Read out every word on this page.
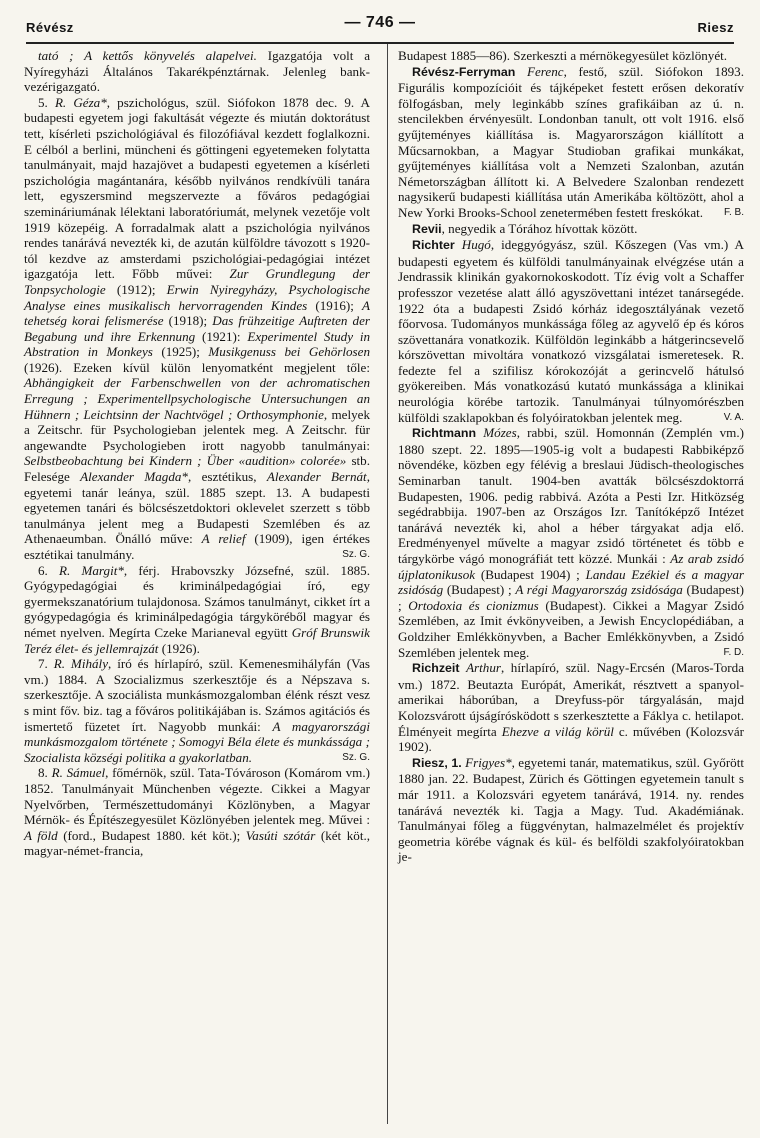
Révész	— 746 —	Riesz

tató ; A kettős könyvelés alapelvei. Igazgatója volt a Nyíregyházi Általános Takarékpénztárnak. Jelenleg bank-vezérigazgató.

5. R. Géza*, pszichológus, szül. Siófokon 1878 dec. 9. A budapesti egyetem jogi fakultását végezte és miután doktorátust tett, kísérleti pszichológiával és filozófiával kezdett foglalkozni. E célból a berlini, müncheni és göttingeni egyetemeken folytatta tanulmányait, majd hazajövet a budapesti egyetemen a kísérleti pszichológia magántanára, később nyilvános rendkívüli tanára lett, egyszersmind megszervezte a főváros pedagógiai szemináriumának lélektani laboratóriumát, melynek vezetője volt 1919 közepéig. A forradalmak alatt a pszichológia nyilvános rendes tanárává nevezték ki, de azután külföldre távozott s 1920-tól kezdve az amsterdami pszichológiai-pedagógiai intézet igazgatója lett. Főbb művei: Zur Grundlegung der Tonpsychologie (1912); Erwin Nyiregyházy, Psychologische Analyse eines musikalisch hervorragenden Kindes (1916); A tehetség korai felismerése (1918); Das frühzeitige Auftreten der Begabung und ihre Erkennung (1921): Experimentel Study in Abstration in Monkeys (1925); Musikgenuss bei Gehörlosen (1926). Ezeken kívül külön lenyomatként megjelent tőle: Abhängigkeit der Farbenschwellen von der achromatischen Erregung ; Experimentellpsychologische Untersuchungen an Hühnern ; Leichtsinn der Nachtvögel ; Orthosymphonie, melyek a Zeitschr. für Psychologieban jelentek meg. A Zeitschr. für angewandte Psychologieben irott nagyobb tanulmányai: Selbstbeobachtung bei Kindern ; Über «audition» colorée» stb. Felesége Alexander Magda*, esztétikus, Alexander Bernát, egyetemi tanár leánya, szül. 1885 szept. 13. A budapesti egyetemen tanári és bölcsészetdoktori oklevelet szerzett s több tanulmánya jelent meg a Budapesti Szemlében és az Athenaeumban. Önálló műve: A relief (1909), igen értékes esztétikai tanulmány.	Sz. G.

6. R. Margit*, férj. Hrabovszky Józsefné, szül. 1885. Gyógypedagógiai és kriminálpedagógiai író, egy gyermekszanatórium tulajdonosa. Számos tanulmányt, cikket írt a gyógypedagógia és kriminálpedagógia tárgyköréből magyar és német nyelven. Megírta Czeke Marianeval együtt Gróf Brunswik Teréz élet- és jellemrajzát (1926).

7. R. Mihály, író és hírlapíró, szül. Kemenesmihályfán (Vas vm.) 1884. A Szocializmus szerkesztője és a Népszava s. szerkesztője. A szociálista munkásmozgalomban élénk részt vesz s mint főv. biz. tag a főváros politikájában is. Számos agitációs és ismertető füzetet írt. Nagyobb munkái: A magyarországi munkásmozgalom története ; Somogyi Béla élete és munkássága ; Szocialista községi politika a gyakorlatban.	Sz. G.

8. R. Sámuel, főmérnök, szül. Tata-Tóvároson (Komárom vm.) 1852. Tanulmányait Münchenben végezte. Cikkei a Magyar Nyelvőrben, Természettudományi Közlönyben, a Magyar Mérnök- és Építészegyesület Közlönyében jelentek meg. Művei : A föld (ford., Budapest 1880. két köt.); Vasúti szótár (két köt., magyar-német-francia,

Budapest 1885—86). Szerkeszti a mérnökegyesület közlönyét.

Révész-Ferryman Ferenc, festő, szül. Siófokon 1893. Figurális kompozícióit és tájképeket festett erősen dekoratív fölfogásban, mely leginkább színes grafikáiban az ú. n. stencilekben érvényesült. Londonban tanult, ott volt 1916. első gyűjteményes kiállítása is. Magyarországon kiállított a Műcsarnokban, a Magyar Studioban grafikai munkákat, gyűjteményes kiállítása volt a Nemzeti Szalonban, azután Németországban állított ki. A Belvedere Szalonban rendezett nagysikerű budapesti kiállítása után Amerikába költözött, ahol a New Yorki Brooks-School zenetermében festett freskókat.	F. B.

Revii, negyedik a Tórához hívottak között.

Richter Hugó, ideggyógyász, szül. Kőszegen (Vas vm.) A budapesti egyetem és külföldi tanulmányainak elvégzése után a Jendrassik klinikán gyakornokoskodott. Tíz évig volt a Schaffer professzor vezetése alatt álló agyszövettani intézet tanársegéde. 1922 óta a budapesti Zsidó kórház idegosztályának vezető főorvosa. Tudományos munkássága főleg az agyvelő ép és kóros szövettanára vonatkozik. Külföldön leginkább a hátgerincsevelő kórszövettan mivoltára vonatkozó vizsgálatai ismeretesek. R. fedezte fel a szifilisz kórokozóját a gerincvelő hátulsó gyökereiben. Más vonatkozású kutató munkássága a klinikai neurológia körébe tartozik. Tanulmányai túlnyomórészben külföldi szaklapokban és folyóiratokban jelentek meg.	V. A.

Richtmann Mózes, rabbi, szül. Homonnán (Zemplén vm.) 1880 szept. 22. 1895—1905-ig volt a budapesti Rabbiképző növendéke, közben egy félévig a breslaui Jüdisch-theologisches Seminarban tanult. 1904-ben avatták bölcsészdoktorrá Budapesten, 1906. pedig rabbivá. Azóta a Pesti Izr. Hitközség segédrabbija. 1907-ben az Országos Izr. Tanítóképző Intézet tanárává nevezték ki, ahol a héber tárgyakat adja elő. Eredményenyel művelte a magyar zsidó történetet és több e tárgykörbe vágó monográfiát tett közzé. Munkái : Az arab zsidó újplatonikusok (Budapest 1904) ; Landau Ezékiel és a magyar zsidóság (Budapest) ; A régi Magyarország zsidósága (Budapest) ; Ortodoxia és cionizmus (Budapest). Cikkei a Magyar Zsidó Szemlében, az Imit évkönyveiben, a Jewish Encyclopédiában, a Goldziher Emlékkönyvben, a Bacher Emlékkönyvben, a Zsidó Szemlében jelentek meg.	F. D.

Richzeit Arthur, hírlapíró, szül. Nagy-Ercsén (Maros-Torda vm.) 1872. Beutazta Európát, Amerikát, résztvett a spanyol-amerikai háborúban, a Dreyfuss-pör tárgyalásán, majd Kolozsvárott újságírósködott s szerkesztette a Fáklya c. hetilapot. Élményeit megírta Ehezve a világ körül c. művében (Kolozsvár 1902).

Riesz, 1. Frigyes*, egyetemi tanár, matematikus, szül. Győrött 1880 jan. 22. Budapest, Zürich és Göttingen egyetemein tanult s már 1911. a Kolozsvári egyetem tanárává, 1914. ny. rendes tanárává nevezték ki. Tagja a Magy. Tud. Akadémiának. Tanulmányai főleg a függvénytan, halmazelmélet és projektív geometria körébe vágnak és kül- és belföldi szakfolyóiratokban je-
